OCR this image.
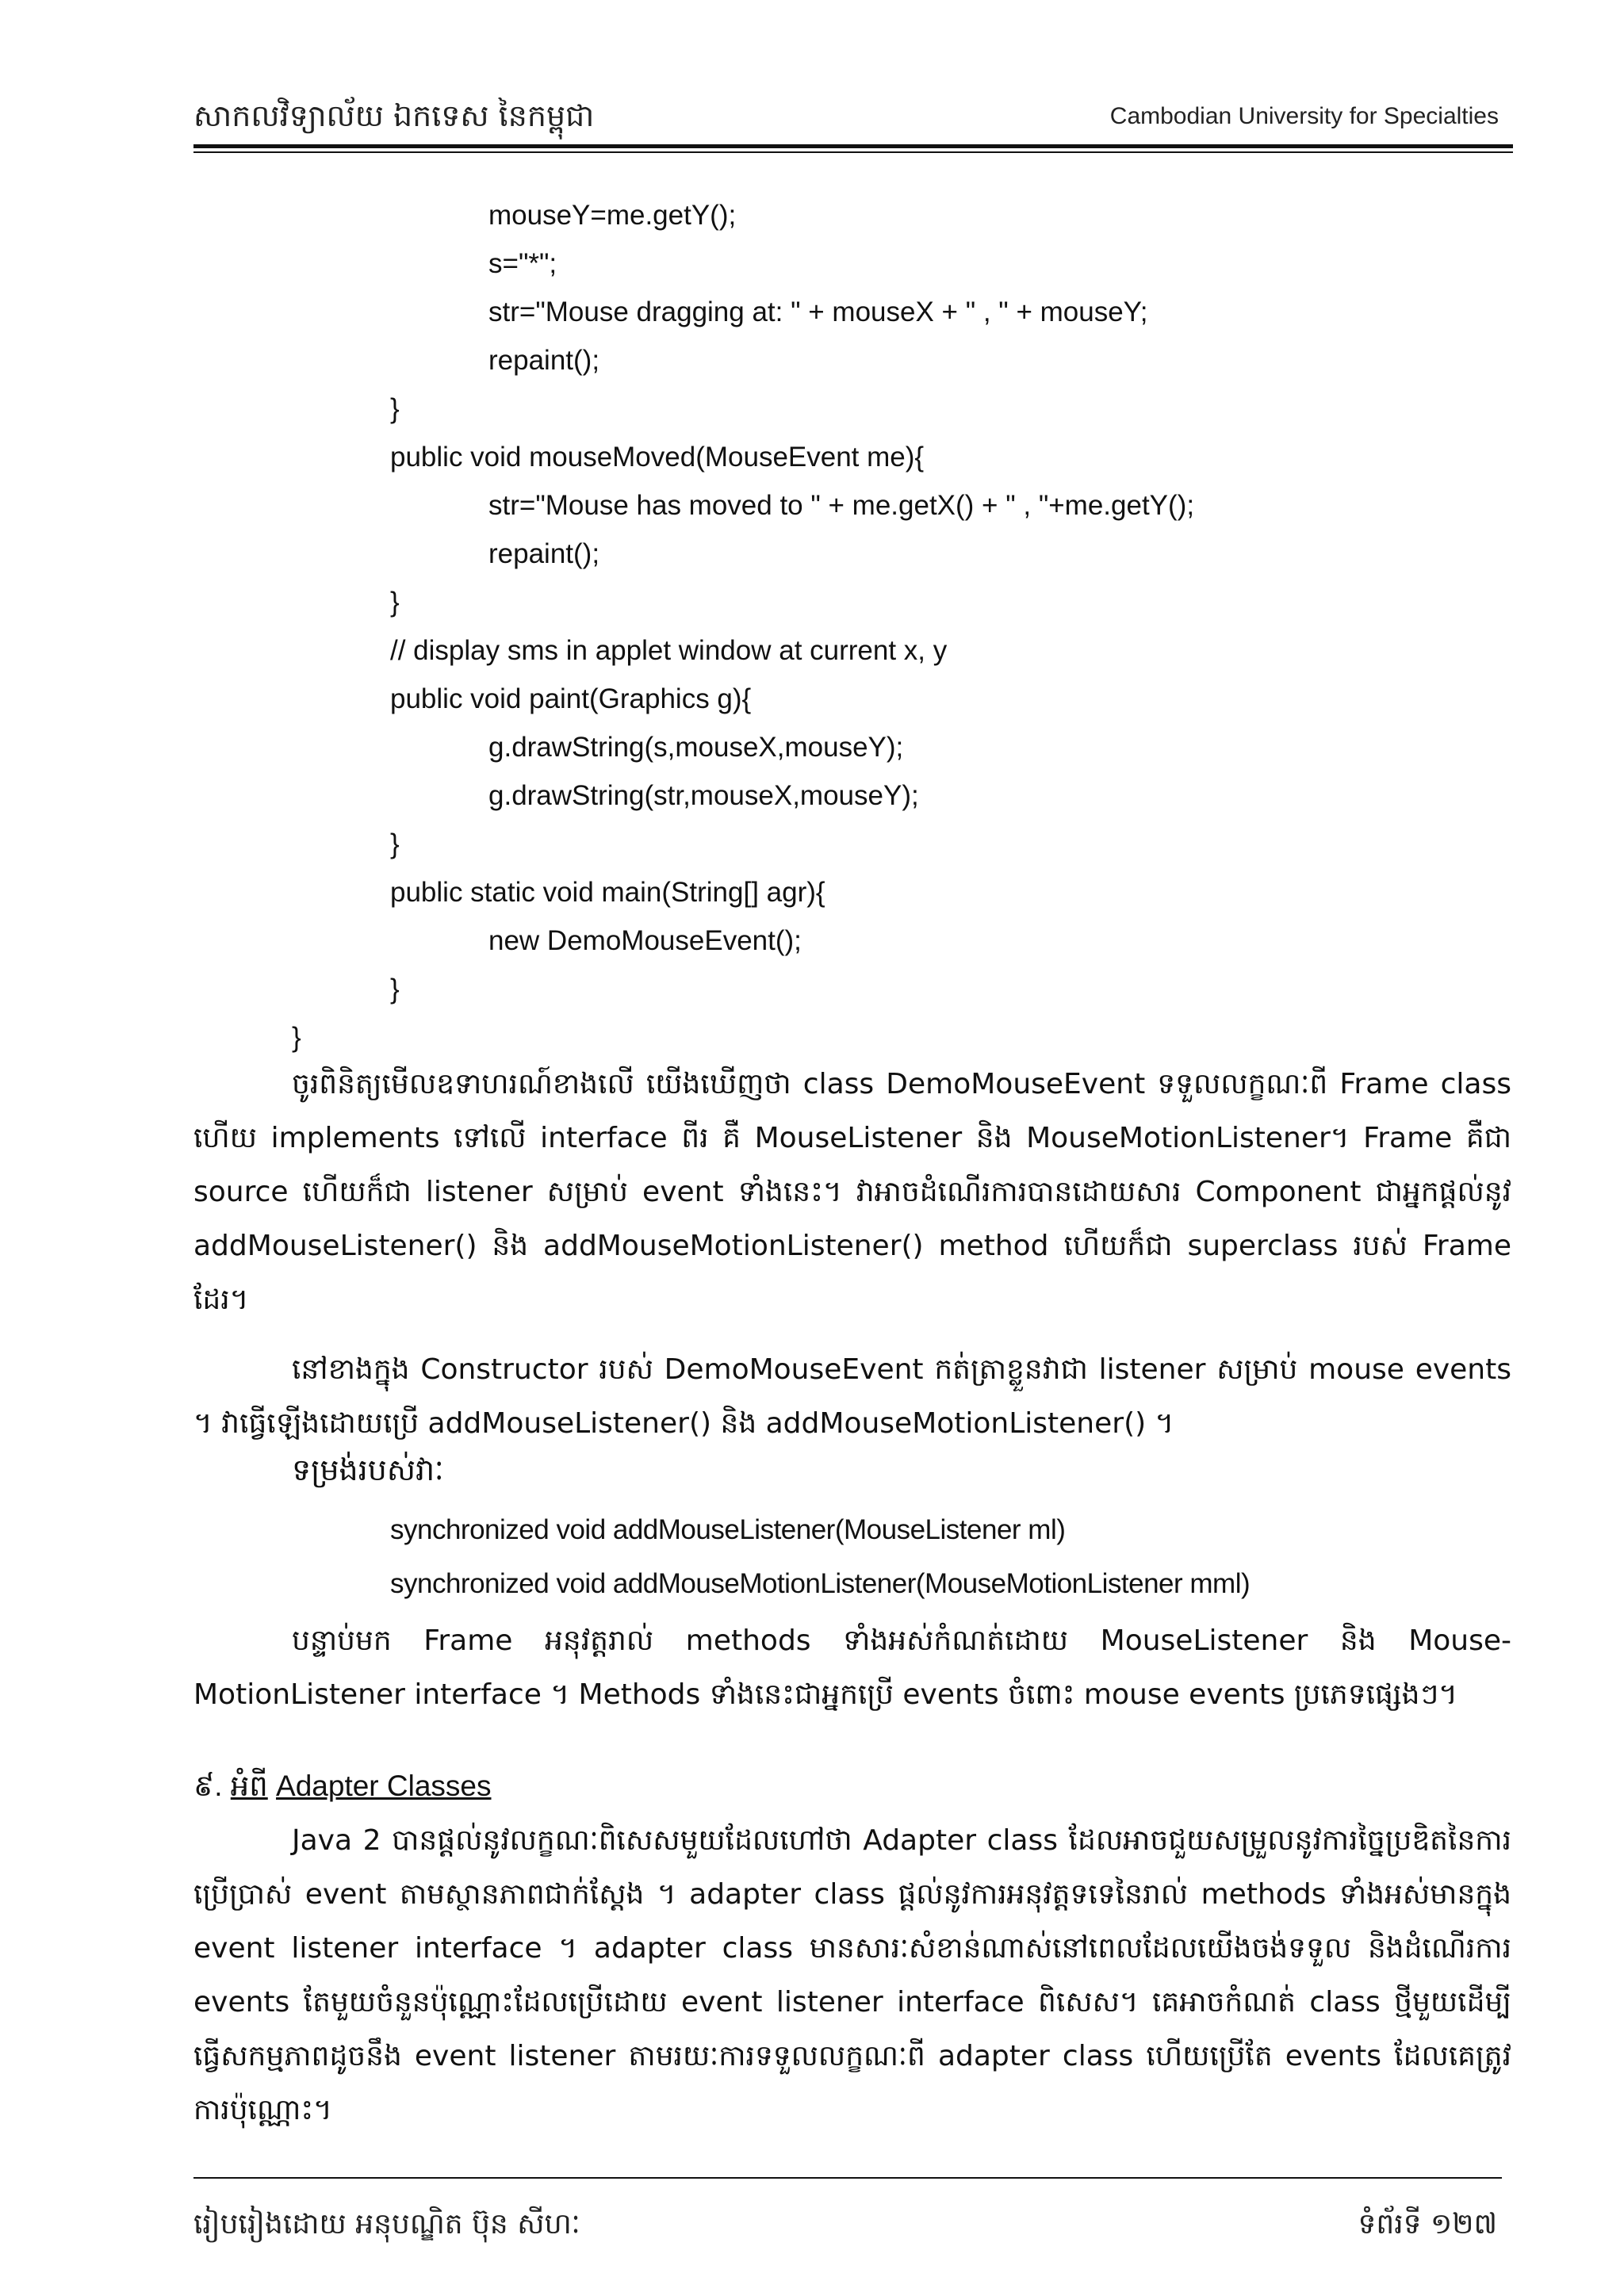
សាកលវិទ្យាល័យ ឯកទេស នៃកម្ពុជា	Cambodian University for Specialties
mouseY=me.getY();
s="*";
str="Mouse dragging at: " + mouseX + " , " + mouseY;
repaint();
}
public void mouseMoved(MouseEvent me){
str="Mouse has moved to " + me.getX() + " , "+me.getY();
repaint();
}
// display sms in applet window at current x, y
public void paint(Graphics g){
g.drawString(s,mouseX,mouseY);
g.drawString(str,mouseX,mouseY);
}
public static void main(String[] agr){
new DemoMouseEvent();
}
}

ចូរពិនិត្យមើលឧទាហរណ៍ខាងលើ យើងឃើញថា class DemoMouseEvent ទទួលលក្ខណៈពី Frame class ហើយ implements ទៅលើ interface ពីរ គឺ MouseListener និង MouseMotionListener។ Frame គឺជា source ហើយក៏ជា listener សម្រាប់ event ទាំងនេះ។ វាអាចដំណើរការបានដោយសារ Component ជាអ្នកផ្ដល់នូវ addMouseListener() និង addMouseMotionListener() method ហើយក៏ជា superclass របស់ Frame ដែរ។

នៅខាងក្នុង Constructor របស់ DemoMouseEvent កត់ត្រាខ្លួនវាជា listener សម្រាប់ mouse events ។ វាធ្វើឡើងដោយប្រើ addMouseListener() និង addMouseMotionListener() ។

ទម្រង់របស់វាៈ
synchronized void addMouseListener(MouseListener ml)
synchronized void addMouseMotionListener(MouseMotionListener mml)

បន្ទាប់មក Frame អនុវត្តរាល់ methods ទាំងអស់កំណត់ដោយ MouseListener និង Mouse-MotionListener interface ។ Methods ទាំងនេះជាអ្នកប្រើ events ចំពោះ mouse events ប្រភេទផ្សេងៗ។

៩. អំពី Adapter Classes

Java 2 បានផ្ដល់នូវលក្ខណៈពិសេសមួយដែលហៅថា Adapter class ដែលអាចជួយសម្រួលនូវការច្នៃប្រឌិតនៃការប្រើប្រាស់ event តាមស្ថានភាពជាក់ស្ដែង ។ adapter class ផ្ដល់នូវការអនុវត្តទទេនៃរាល់ methods ទាំងអស់មានក្នុង event listener interface ។ adapter class មានសារៈសំខាន់ណាស់នៅពេលដែលយើងចង់ទទួល និងដំណើរការ events តែមួយចំនួនប៉ុណ្ណោះដែលប្រើដោយ event listener interface ពិសេស។ គេអាចកំណត់ class ថ្មីមួយដើម្បីធ្វើសកម្មភាពដូចនឹង event listener តាមរយៈការទទួលលក្ខណៈពី adapter class ហើយប្រើតែ events ដែលគេត្រូវការប៉ុណ្ណោះ។

រៀបរៀងដោយ អនុបណ្ឌិត ប៊ុន សីហៈ	ទំព័រទី ១២៧
